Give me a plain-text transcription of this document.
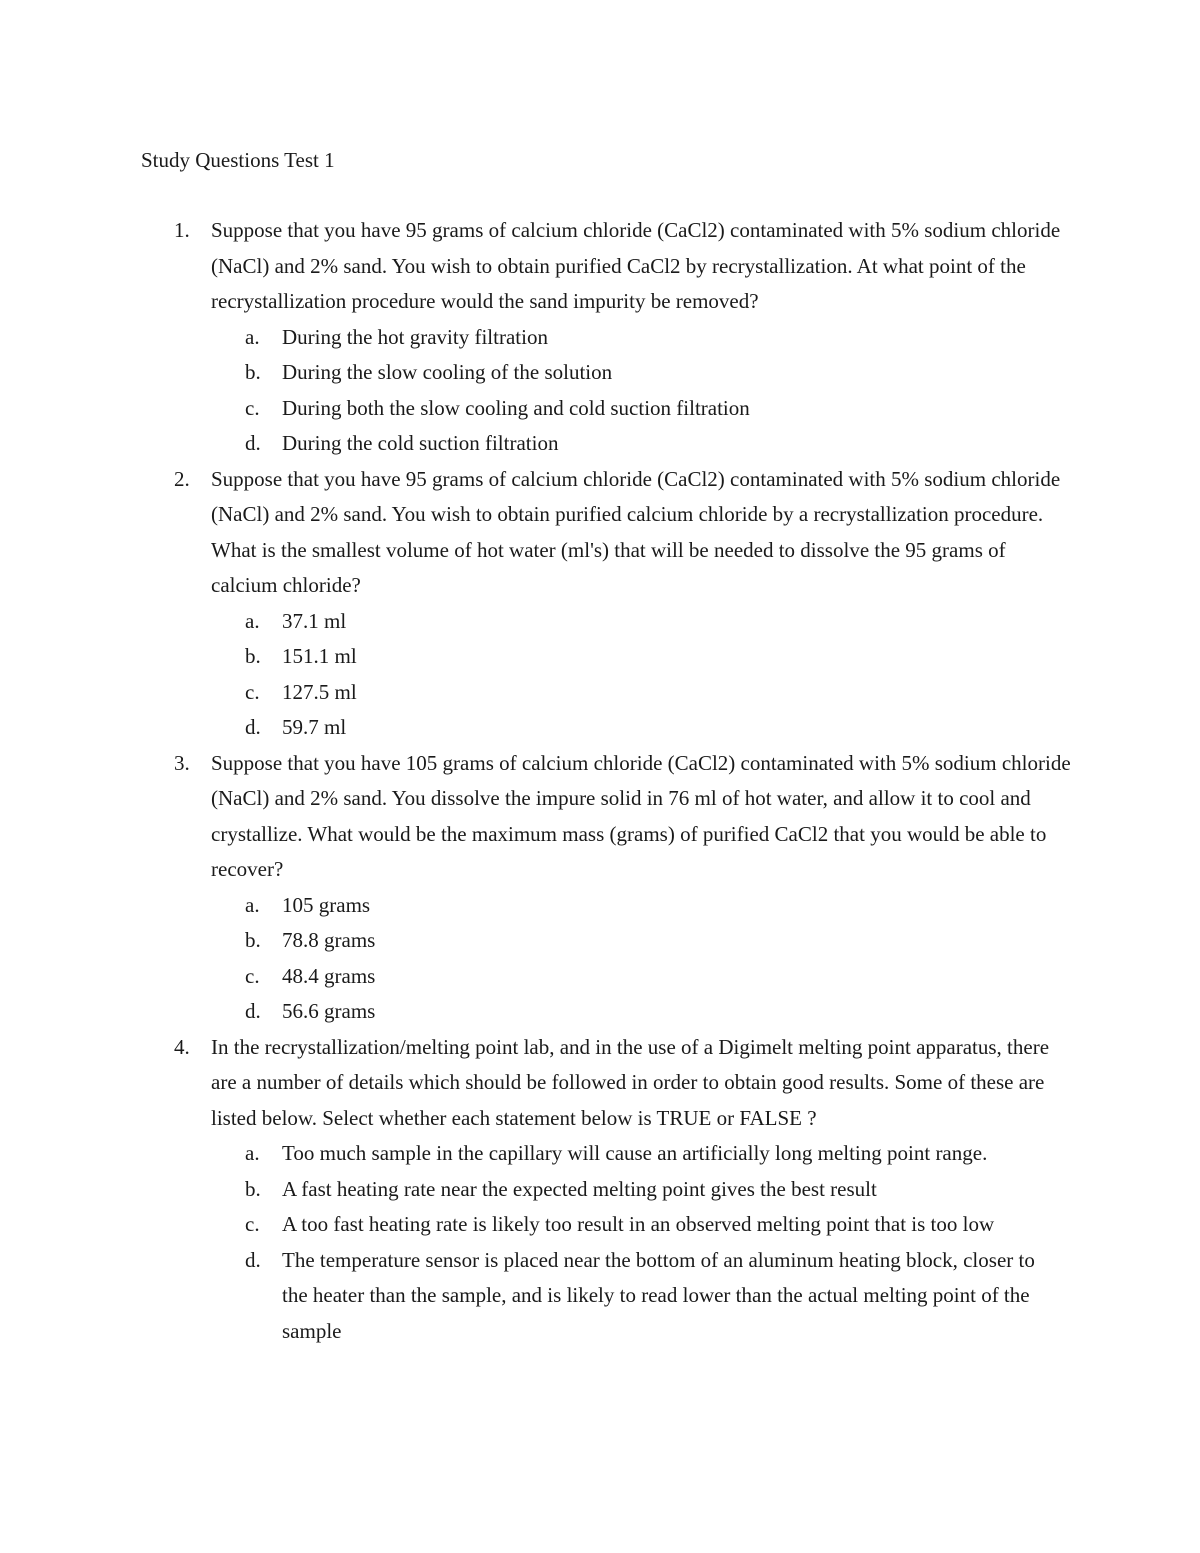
Study Questions Test 1
1. Suppose that you have 95 grams of calcium chloride (CaCl2) contaminated with 5% sodium chloride (NaCl) and 2% sand. You wish to obtain purified CaCl2 by recrystallization. At what point of the recrystallization procedure would the sand impurity be removed?
a. During the hot gravity filtration
b. During the slow cooling of the solution
c. During both the slow cooling and cold suction filtration
d. During the cold suction filtration
2. Suppose that you have 95 grams of calcium chloride (CaCl2) contaminated with 5% sodium chloride (NaCl) and 2% sand. You wish to obtain purified calcium chloride by a recrystallization procedure. What is the smallest volume of hot water (ml's) that will be needed to dissolve the 95 grams of calcium chloride?
a. 37.1 ml
b. 151.1 ml
c. 127.5 ml
d. 59.7 ml
3. Suppose that you have 105 grams of calcium chloride (CaCl2) contaminated with 5% sodium chloride (NaCl) and 2% sand. You dissolve the impure solid in 76 ml of hot water, and allow it to cool and crystallize. What would be the maximum mass (grams) of purified CaCl2 that you would be able to recover?
a. 105 grams
b. 78.8 grams
c. 48.4 grams
d. 56.6 grams
4. In the recrystallization/melting point lab, and in the use of a Digimelt melting point apparatus, there are a number of details which should be followed in order to obtain good results. Some of these are listed below. Select whether each statement below is TRUE or FALSE ?
a. Too much sample in the capillary will cause an artificially long melting point range.
b. A fast heating rate near the expected melting point gives the best result
c. A too fast heating rate is likely too result in an observed melting point that is too low
d. The temperature sensor is placed near the bottom of an aluminum heating block, closer to the heater than the sample, and is likely to read lower than the actual melting point of the sample
